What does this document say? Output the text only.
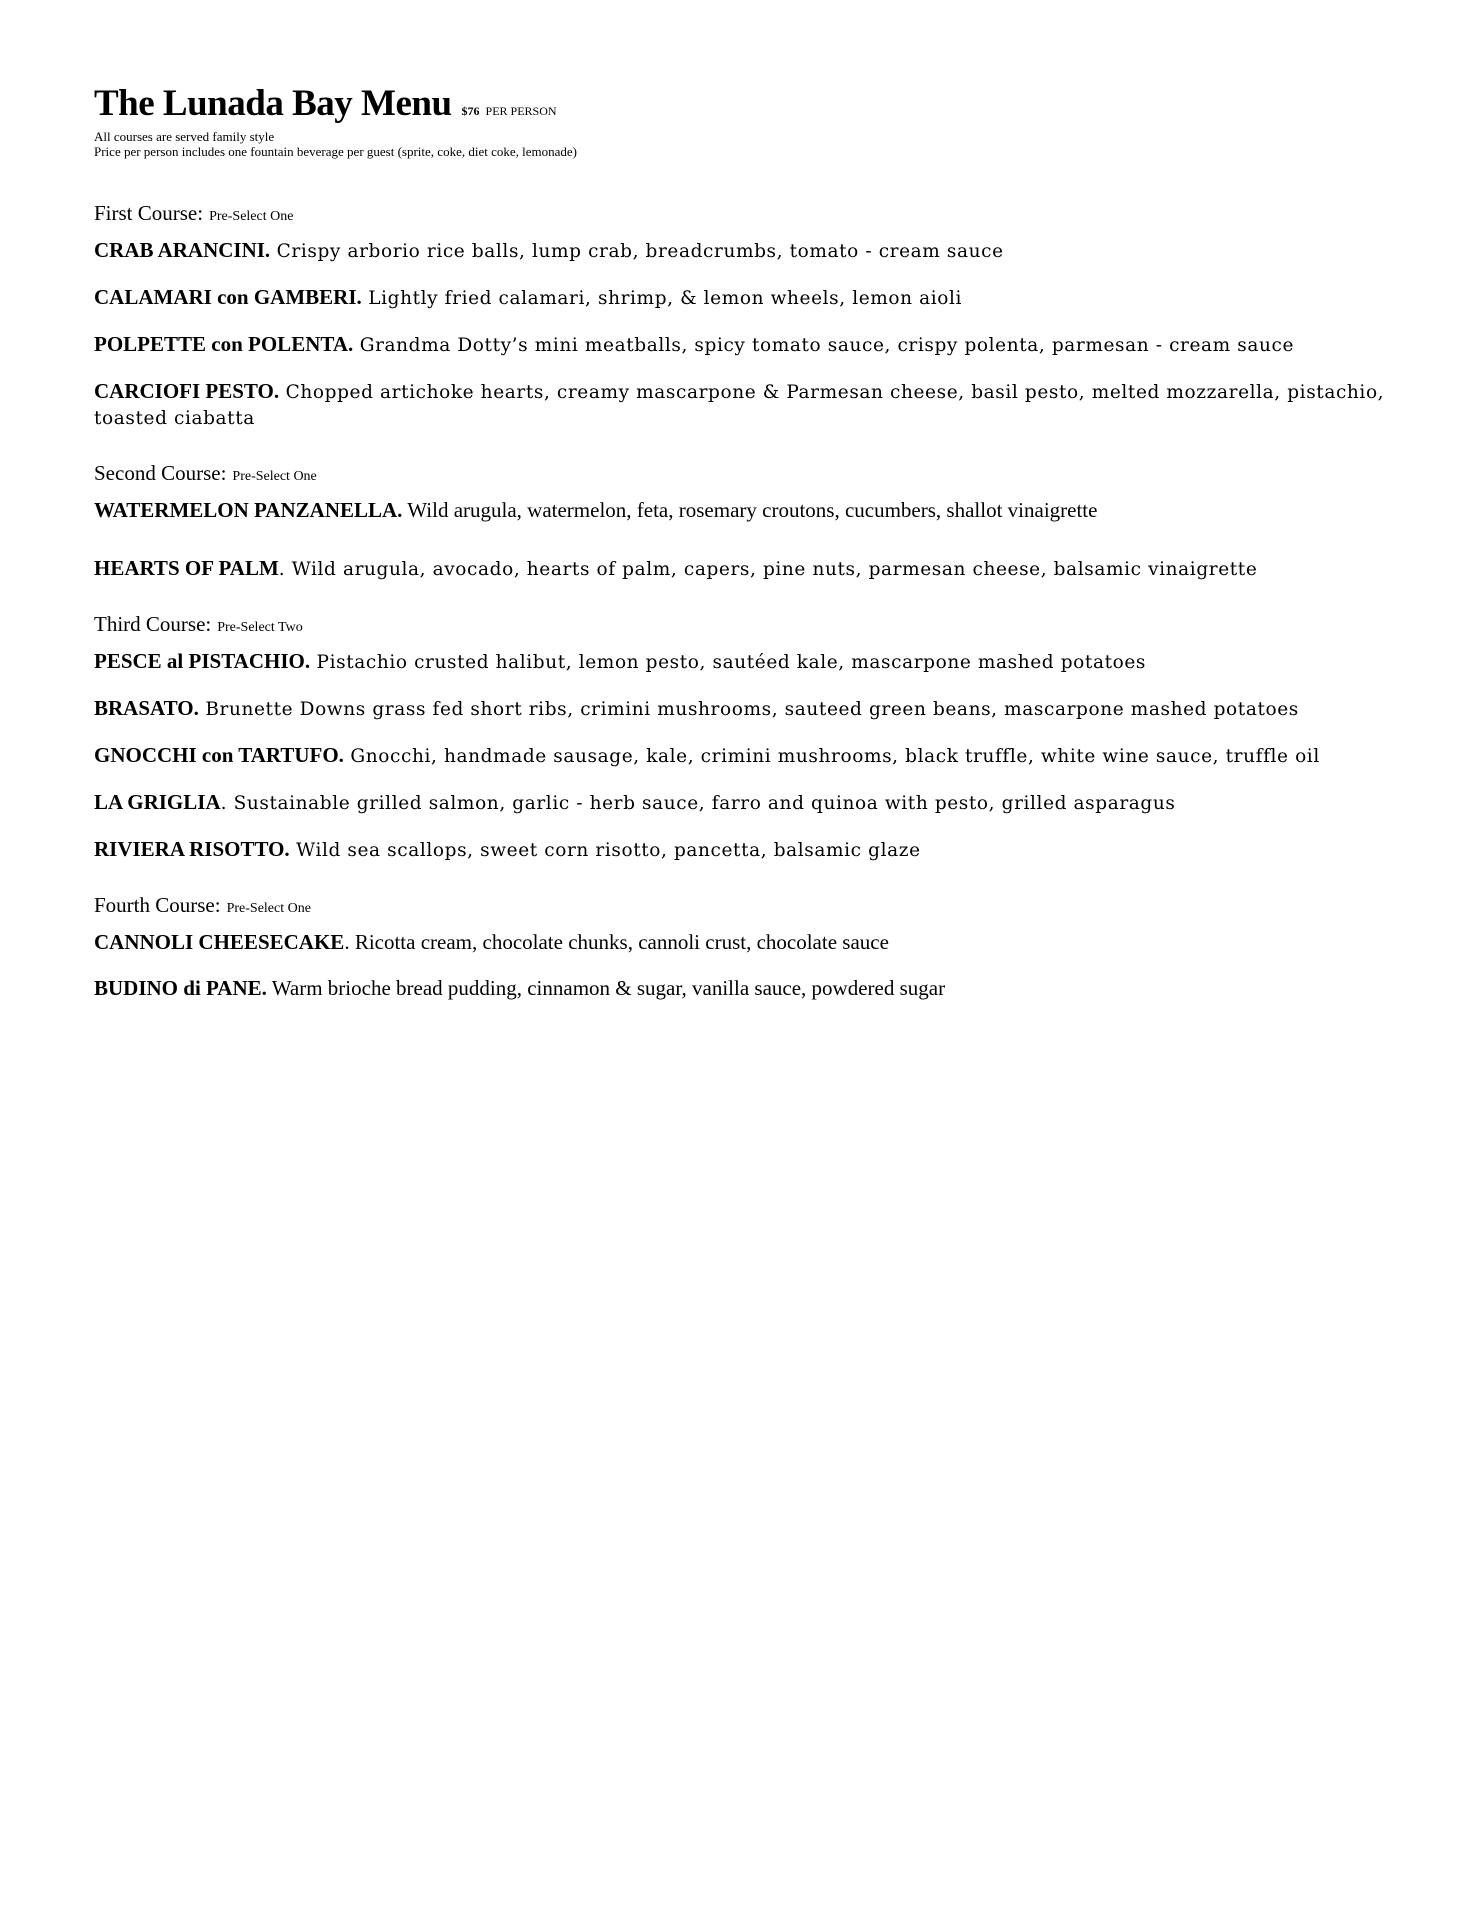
The Lunada Bay Menu $76 PER PERSON
All courses are served family style
Price per person includes one fountain beverage per guest (sprite, coke, diet coke, lemonade)
First Course: Pre-Select One

CRAB ARANCINI. Crispy arborio rice balls, lump crab, breadcrumbs, tomato - cream sauce

CALAMARI con GAMBERI. Lightly fried calamari, shrimp, & lemon wheels, lemon aioli

POLPETTE con POLENTA. Grandma Dotty’s mini meatballs, spicy tomato sauce, crispy polenta, parmesan - cream sauce

CARCIOFI PESTO. Chopped artichoke hearts, creamy mascarpone & Parmesan cheese, basil pesto, melted mozzarella, pistachio, toasted ciabatta

Second Course: Pre-Select One

WATERMELON PANZANELLA. Wild arugula, watermelon, feta, rosemary croutons, cucumbers, shallot vinaigrette

HEARTS OF PALM. Wild arugula, avocado, hearts of palm, capers, pine nuts, parmesan cheese, balsamic vinaigrette

Third Course: Pre-Select Two

PESCE al PISTACHIO. Pistachio crusted halibut, lemon pesto, sautéed kale, mascarpone mashed potatoes

BRASATO. Brunette Downs grass fed short ribs, crimini mushrooms, sauteed green beans, mascarpone mashed potatoes

GNOCCHI con TARTUFO. Gnocchi, handmade sausage, kale, crimini mushrooms, black truffle, white wine sauce, truffle oil

LA GRIGLIA. Sustainable grilled salmon, garlic - herb sauce, farro and quinoa with pesto, grilled asparagus

RIVIERA RISOTTO. Wild sea scallops, sweet corn risotto, pancetta, balsamic glaze

Fourth Course: Pre-Select One

CANNOLI CHEESECAKE. Ricotta cream, chocolate chunks, cannoli crust, chocolate sauce

BUDINO di PANE. Warm brioche bread pudding, cinnamon & sugar, vanilla sauce, powdered sugar
